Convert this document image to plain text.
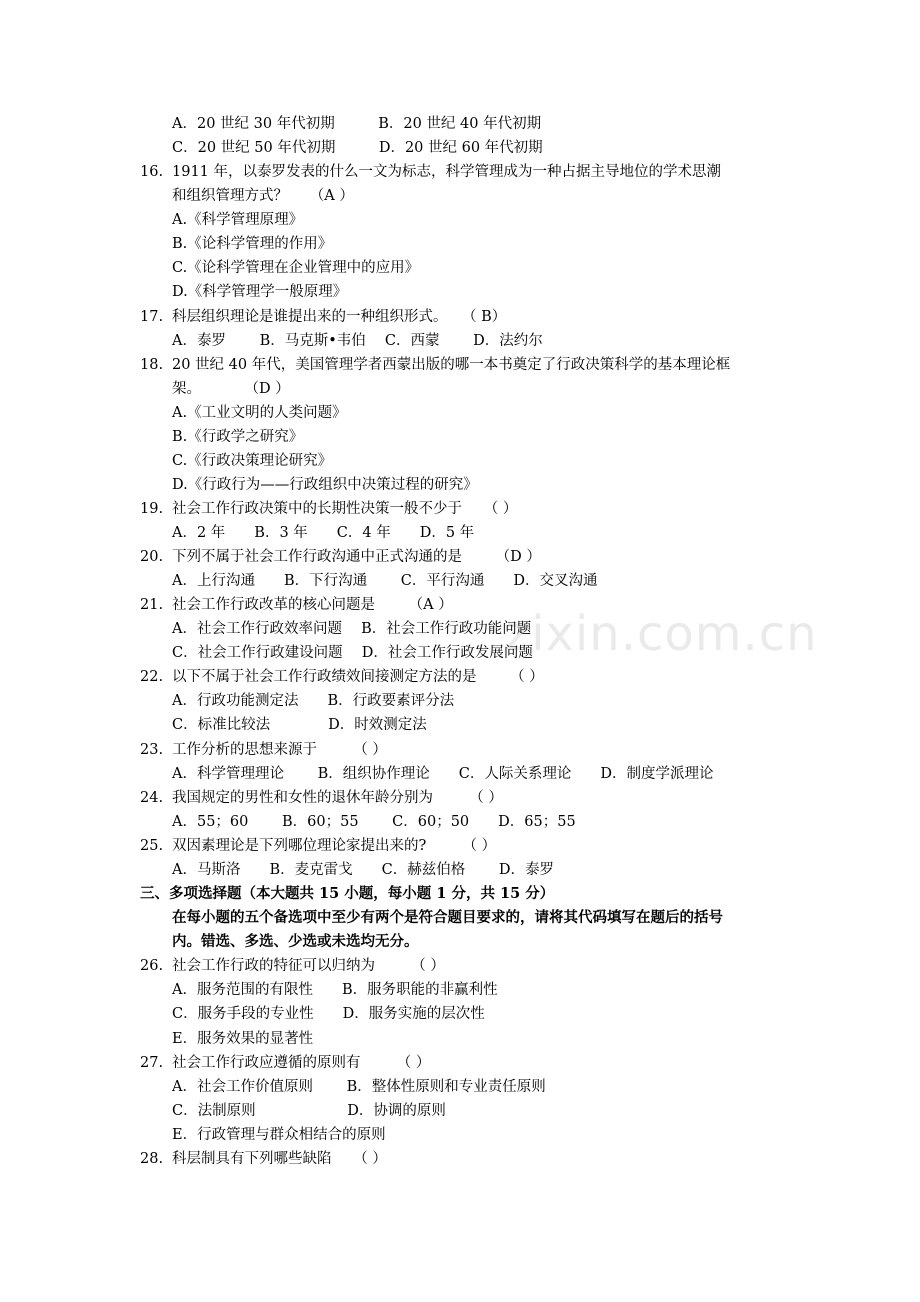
zixin.com.cn
A．20 世纪 30 年代初期　　　B．20 世纪 40 年代初期
C．20 世纪 50 年代初期　　　D．20 世纪 60 年代初期
16. 1911 年，以泰罗发表的什么一文为标志，科学管理成为一种占据主导地位的学术思潮
和组织管理方式？　　（A ）
A.《科学管理原理》
B.《论科学管理的作用》
C.《论科学管理在企业管理中的应用》
D.《科学管理学一般原理》
17. 科层组织理论是谁提出来的一种组织形式。　　（ B）
A．泰罗　　 B．马克斯•韦伯　 C．西蒙　　 D．法约尔
18. 20 世纪 40 年代，美国管理学者西蒙出版的哪一本书奠定了行政决策科学的基本理论框
架。　　　　（D ）
A.《工业文明的人类问题》
B.《行政学之研究》
C.《行政决策理论研究》
D.《行政行为——行政组织中决策过程的研究》
19. 社会工作行政决策中的长期性决策一般不少于　　（ ）
A．2 年　　B．3 年　　C．4 年　　D．5 年
20. 下列不属于社会工作行政沟通中正式沟通的是　　 （D ）
A．上行沟通　　B．下行沟通　　 C．平行沟通　　D．交叉沟通
21. 社会工作行政改革的核心问题是　　 （A ）
A．社会工作行政效率问题　 B．社会工作行政功能问题
C．社会工作行政建设问题　 D．社会工作行政发展问题
22. 以下不属于社会工作行政绩效间接测定方法的是　　 （ ）
A．行政功能测定法　　B．行政要素评分法
C．标准比较法　　　　D．时效测定法
23. 工作分析的思想来源于　　　（ ）
A．科学管理理论　　 B．组织协作理论　　C．人际关系理论　　D．制度学派理论
24. 我国规定的男性和女性的退休年龄分别为　　　（ ）
A．55；60　　 B．60；55　　 C．60；50　　D．65；55
25. 双因素理论是下列哪位理论家提出来的?　　　（ ）
A．马斯洛　　B．麦克雷戈　　C．赫兹伯格　　 D．泰罗
三、多项选择题（本大题共 15 小题，每小题 1 分，共 15 分）
在每小题的五个备选项中至少有两个是符合题目要求的，请将其代码填写在题后的括号
内。错选、多选、少选或未选均无分。
26. 社会工作行政的特征可以归纳为　　　（ ）
A．服务范围的有限性　　B．服务职能的非赢利性
C．服务手段的专业性　　D．服务实施的层次性
E．服务效果的显著性
27. 社会工作行政应遵循的原则有　　　（ ）
A．社会工作价值原则　　 B．整体性原则和专业责任原则
C．法制原则　　　　　　 D．协调的原则
E．行政管理与群众相结合的原则
28. 科层制具有下列哪些缺陷　　（ ）
